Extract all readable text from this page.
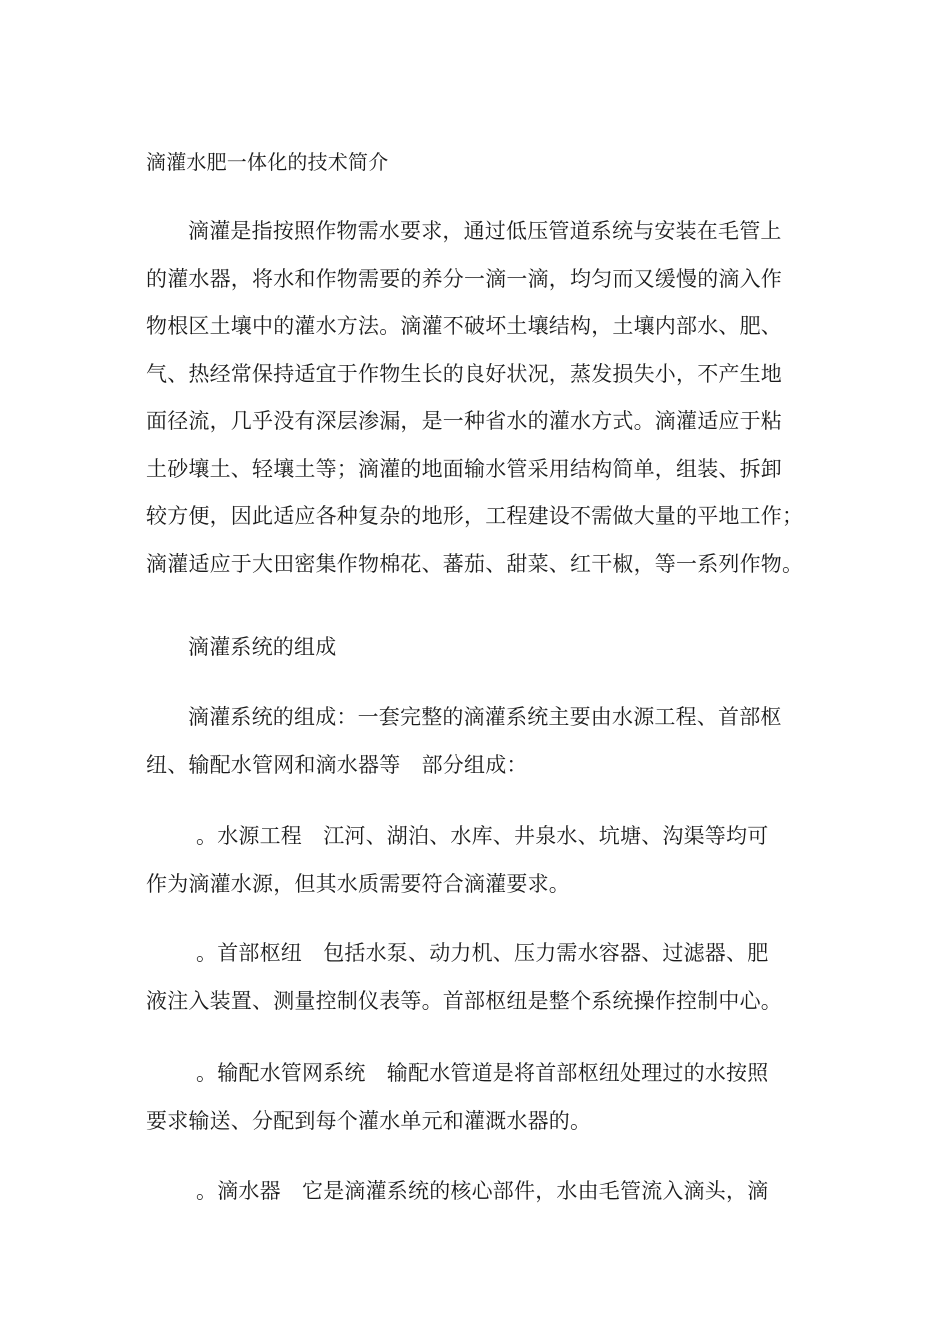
滴灌水肥一体化的技术简介
滴灌是指按照作物需水要求，通过低压管道系统与安装在毛管上
的灌水器，将水和作物需要的养分一滴一滴，均匀而又缓慢的滴入作
物根区土壤中的灌水方法。滴灌不破坏土壤结构，土壤内部水、肥、
气、热经常保持适宜于作物生长的良好状况，蒸发损失小，不产生地
面径流，几乎没有深层渗漏，是一种省水的灌水方式。滴灌适应于粘
土砂壤土、轻壤土等；滴灌的地面输水管采用结构简单，组装、拆卸
较方便，因此适应各种复杂的地形，工程建设不需做大量的平地工作；
滴灌适应于大田密集作物棉花、蕃茄、甜菜、红干椒，等一系列作物。
滴灌系统的组成
滴灌系统的组成：一套完整的滴灌系统主要由水源工程、首部枢
纽、输配水管网和滴水器等　部分组成：
。水源工程　江河、湖泊、水库、井泉水、坑塘、沟渠等均可
作为滴灌水源，但其水质需要符合滴灌要求。
。首部枢纽　包括水泵、动力机、压力需水容器、过滤器、肥
液注入装置、测量控制仪表等。首部枢纽是整个系统操作控制中心。
。输配水管网系统　输配水管道是将首部枢纽处理过的水按照
要求输送、分配到每个灌水单元和灌溉水器的。
。滴水器　它是滴灌系统的核心部件，水由毛管流入滴头，滴
